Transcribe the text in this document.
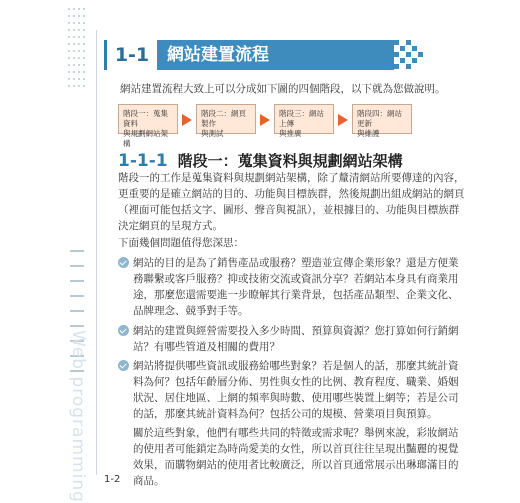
Web programming
1-1	網站建置流程
網站建置流程大致上可以分成如下圖的四個階段，以下就為您做說明。
階段一：蒐集資料
與規劃網站架構
階段二：網頁製作
與測試
階段三：網站上傳
與推廣
階段四：網站更新
與維護
1-1-1 階段一：蒐集資料與規劃網站架構
階段一的工作是蒐集資料與規劃網站架構，除了釐清網站所要傳達的內容，
更重要的是確立網站的目的、功能與目標族群，然後規劃出組成網站的網頁
（裡面可能包括文字、圖形、聲音與視訊），並根據目的、功能與目標族群
決定網頁的呈現方式。
下面幾個問題值得您深思：
網站的目的是為了銷售產品或服務？塑造並宣傳企業形象？還是方便業
務聯繫或客戶服務？抑或技術交流或資訊分享？若網站本身具有商業用
途，那麼您還需要進一步瞭解其行業背景，包括產品類型、企業文化、
品牌理念、競爭對手等。
網站的建置與經營需要投入多少時間、預算與資源？您打算如何行銷網
站？有哪些管道及相關的費用？
網站將提供哪些資訊或服務給哪些對象？若是個人的話，那麼其統計資
料為何？包括年齡層分佈、男性與女性的比例、教育程度、職業、婚姻
狀況、居住地區、上網的頻率與時數、使用哪些裝置上網等；若是公司
的話，那麼其統計資料為何？包括公司的規模、營業項目與預算。
關於這些對象，他們有哪些共同的特徵或需求呢？舉例來說，彩妝網站
的使用者可能鎖定為時尚愛美的女性，所以首頁往往呈現出豔麗的視覺
效果，而購物網站的使用者比較廣泛，所以首頁通常展示出琳瑯滿目的
商品。
1-2
